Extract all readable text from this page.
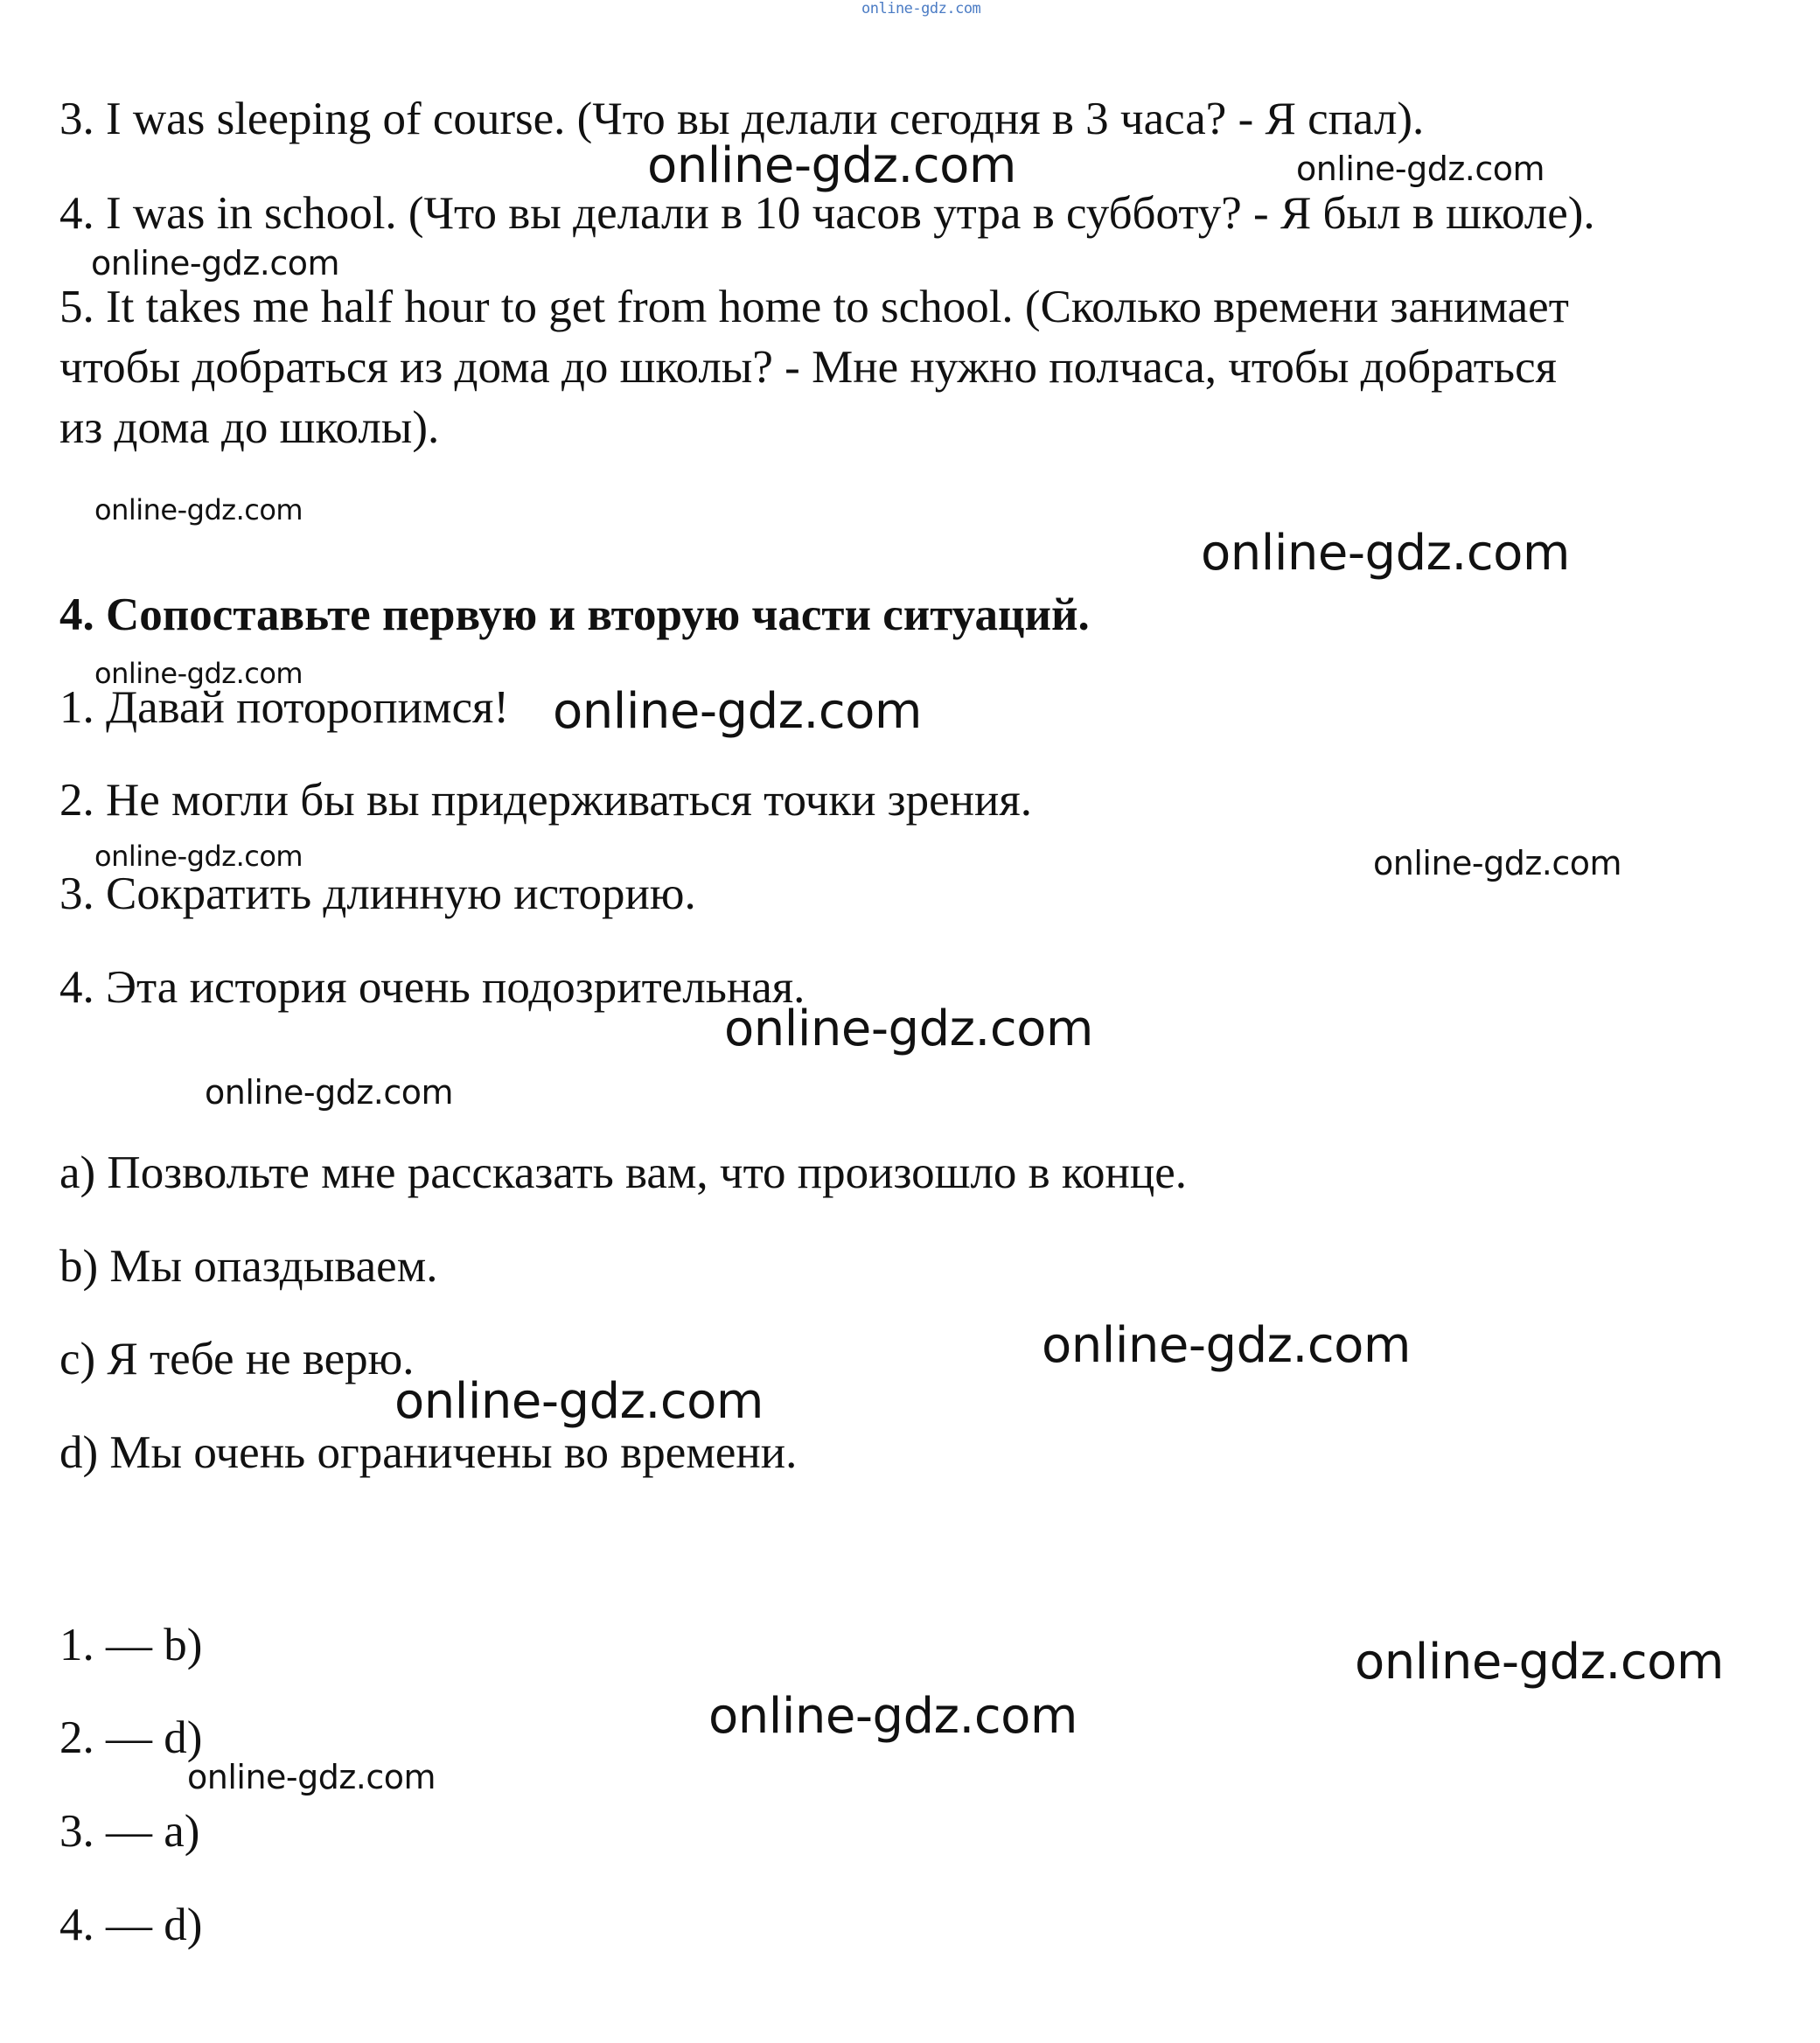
online-gdz.com

3. I was sleeping of course. (Что вы делали сегодня в 3 часа? - Я спал).

4. I was in school. (Что вы делали в 10 часов утра в субботу? - Я был в школе).

5. It takes me half hour to get from home to school. (Сколько времени занимает

чтобы добраться из дома до школы? - Мне нужно полчаса, чтобы добраться

из дома до школы).

4. Сопоставьте первую и вторую части ситуаций.

1. Давай поторопимся!

2. Не могли бы вы придерживаться точки зрения.

3. Сократить длинную историю.

4. Эта история очень подозрительная.

a) Позвольте мне рассказать вам, что произошло в конце.

b) Мы опаздываем.

c) Я тебе не верю.

d) Мы очень ограничены во времени.

1. — b)

2. — d)

3. — a)

4. — d)

online-gdz.com	online-gdz.com
online-gdz.com
online-gdz.com
online-gdz.com
online-gdz.com
online-gdz.com
online-gdz.com	online-gdz.com
online-gdz.com
online-gdz.com
online-gdz.com
online-gdz.com
online-gdz.com
online-gdz.com
online-gdz.com
